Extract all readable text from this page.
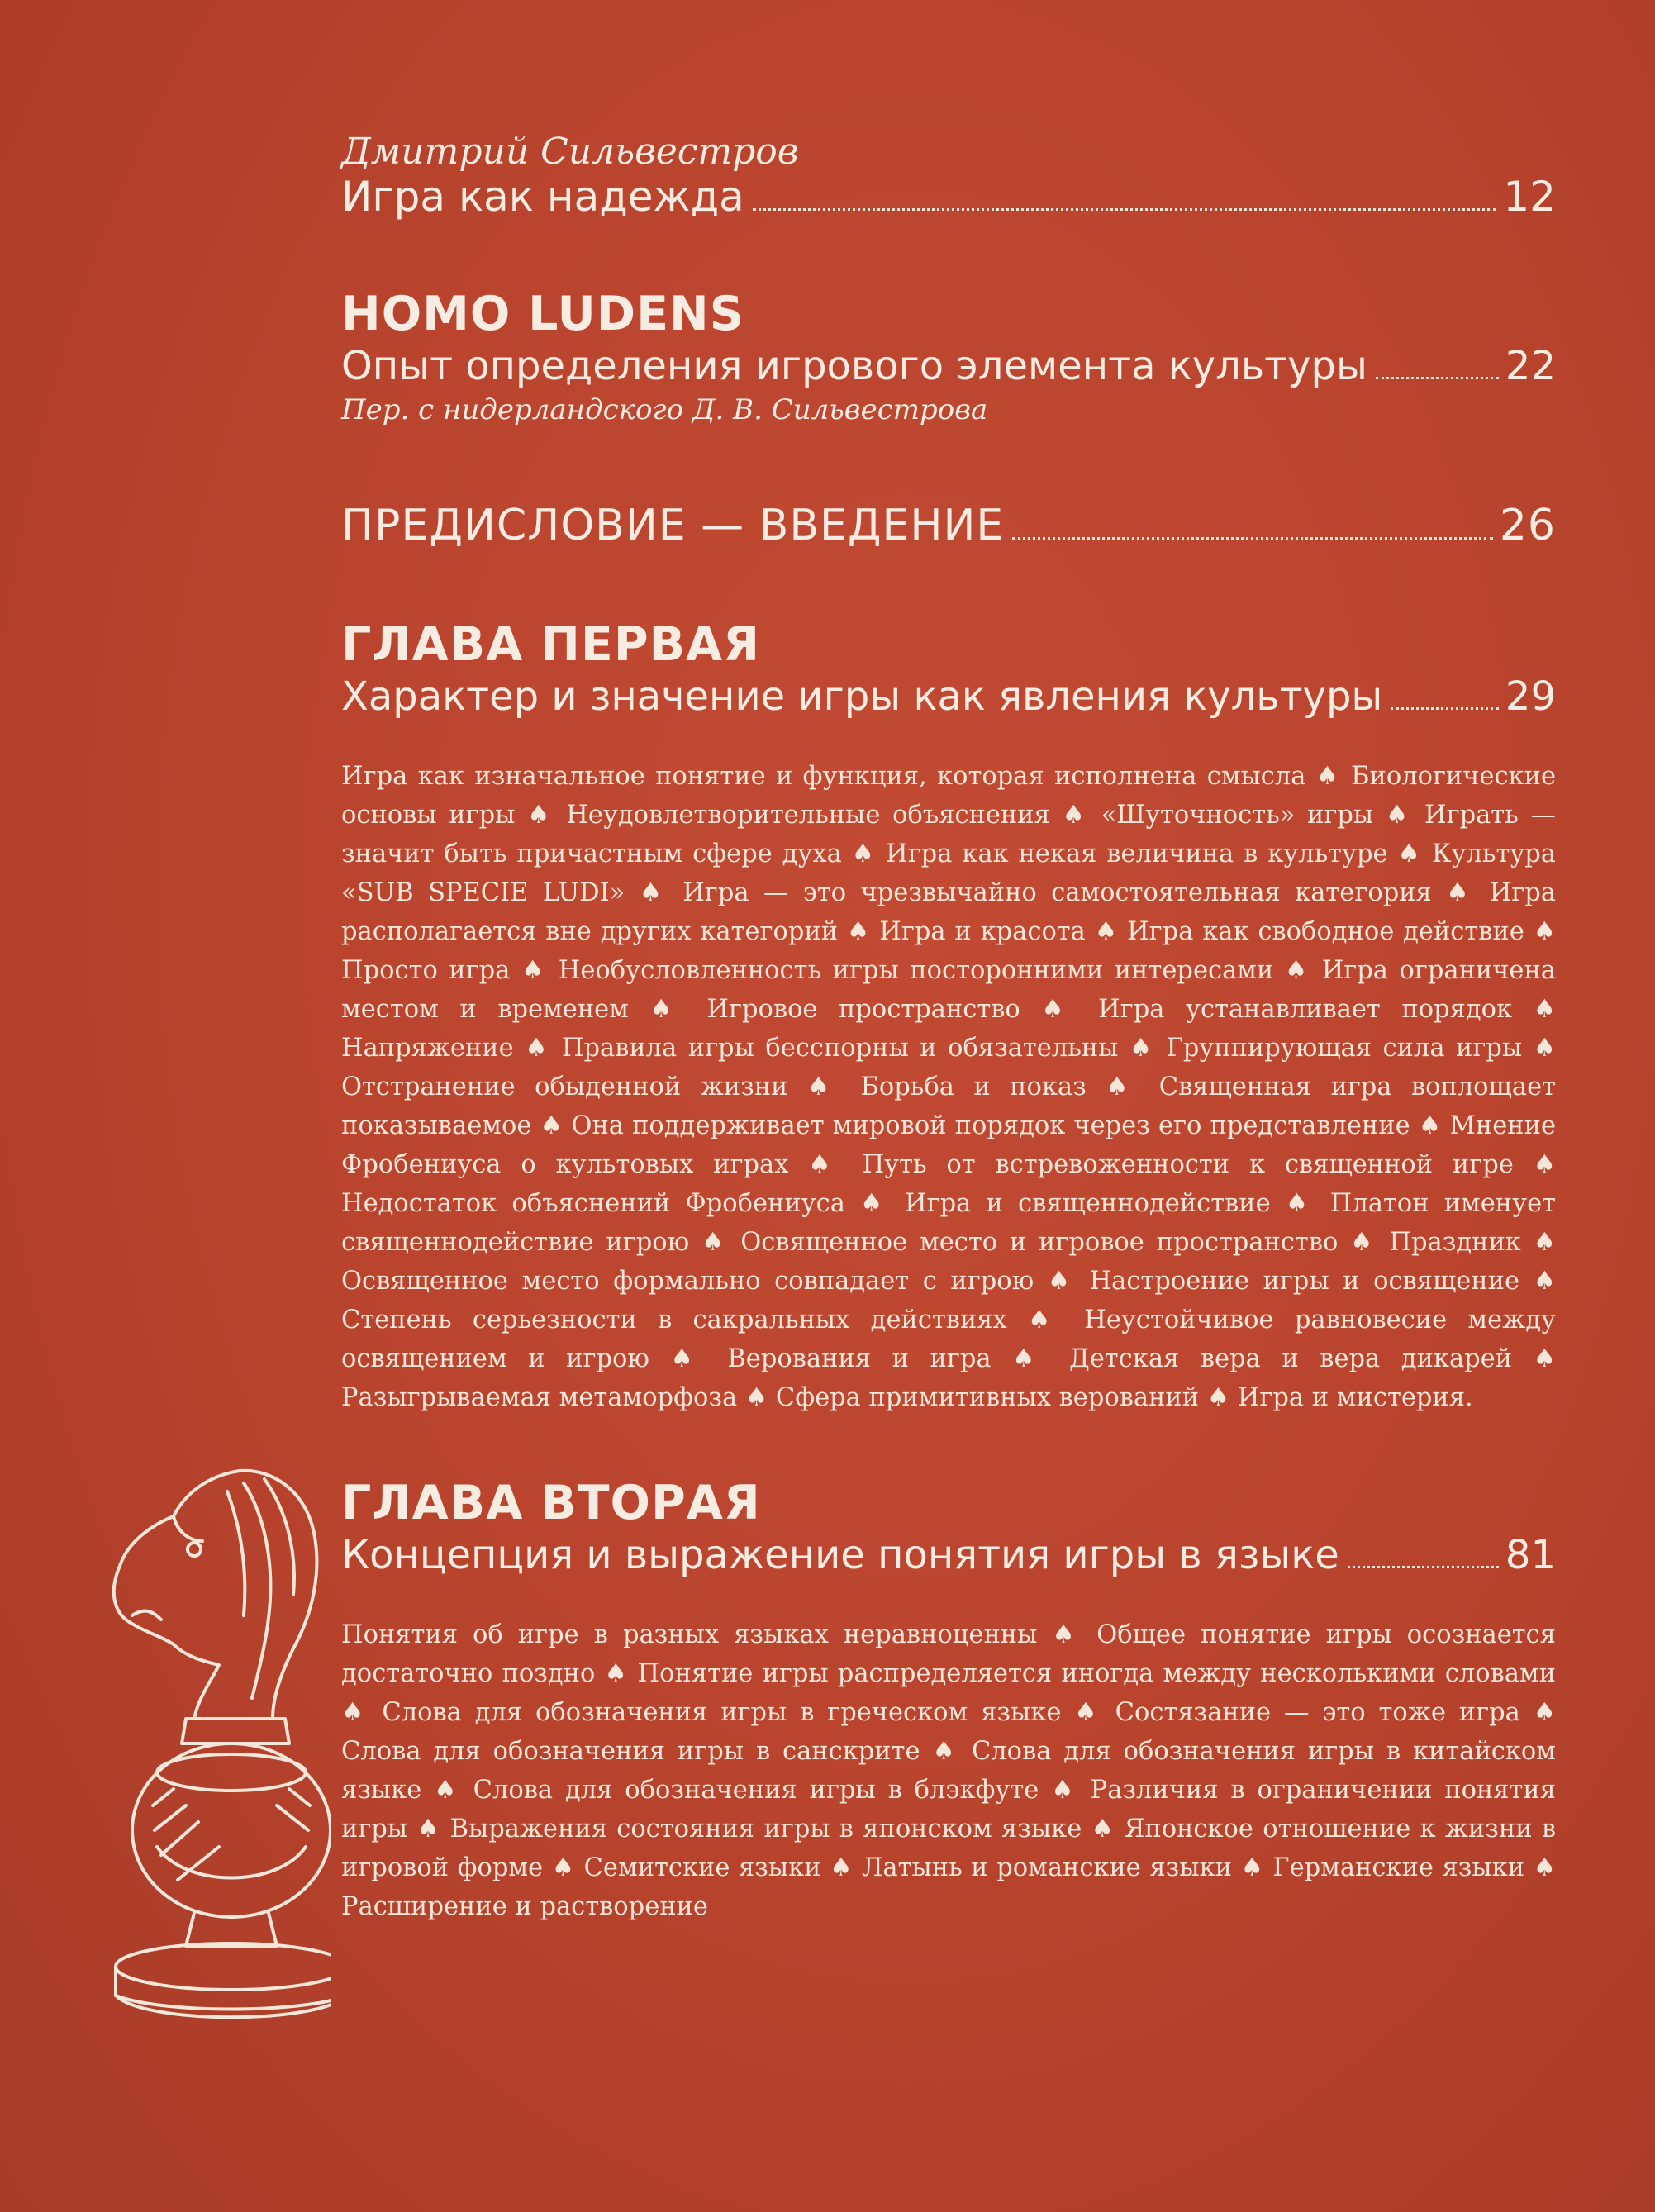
Дмитрий Сильвестров

Игра как надежда	12

HOMO LUDENS

Опыт определения игрового элемента культуры	22

Пер. с нидерландского Д. В. Сильвестрова

ПРЕДИСЛОВИЕ — ВВЕДЕНИЕ	26

ГЛАВА ПЕРВАЯ

Характер и значение игры как явления культуры	29

Игра как изначальное понятие и функция, которая исполнена смысла ♠ Биологические основы игры ♠ Неудовлетворительные объяснения ♠ «Шуточность» игры ♠ Играть — значит быть причастным сфере духа ♠ Игра как некая величина в культуре ♠ Культура «SUB SPECIE LUDI» ♠ Игра — это чрезвычайно самостоятельная категория ♠ Игра располагается вне других категорий ♠ Игра и красота ♠ Игра как свободное действие ♠ Просто игра ♠ Необусловленность игры посторонними интересами ♠ Игра ограничена местом и временем ♠ Игровое пространство ♠ Игра устанавливает порядок ♠ Напряжение ♠ Правила игры бесспорны и обязательны ♠ Группирующая сила игры ♠ Отстранение обыденной жизни ♠ Борьба и показ ♠ Священная игра воплощает показываемое ♠ Она поддерживает мировой порядок через его представление ♠ Мнение Фробениуса о культовых играх ♠ Путь от встревоженности к священной игре ♠ Недостаток объяснений Фробениуса ♠ Игра и священнодействие ♠ Платон именует священнодействие игрою ♠ Освященное место и игровое пространство ♠ Праздник ♠ Освященное место формально совпадает с игрою ♠ Настроение игры и освящение ♠ Степень серьезности в сакральных действиях ♠ Неустойчивое равновесие между освящением и игрою ♠ Верования и игра ♠ Детская вера и вера дикарей ♠ Разыгрываемая метаморфоза ♠ Сфера примитивных верований ♠ Игра и мистерия.

ГЛАВА ВТОРАЯ

Концепция и выражение понятия игры в языке	81

Понятия об игре в разных языках неравноценны ♠ Общее понятие игры осознается достаточно поздно ♠ Понятие игры распределяется иногда между несколькими словами ♠ Слова для обозначения игры в греческом языке ♠ Состязание — это тоже игра ♠ Слова для обозначения игры в санскрите ♠ Слова для обозначения игры в китайском языке ♠ Слова для обозначения игры в блэкфуте ♠ Различия в ограничении понятия игры ♠ Выражения состояния игры в японском языке ♠ Японское отношение к жизни в игровой форме ♠ Семитские языки ♠ Латынь и романские языки ♠ Германские языки ♠ Расширение и растворение
